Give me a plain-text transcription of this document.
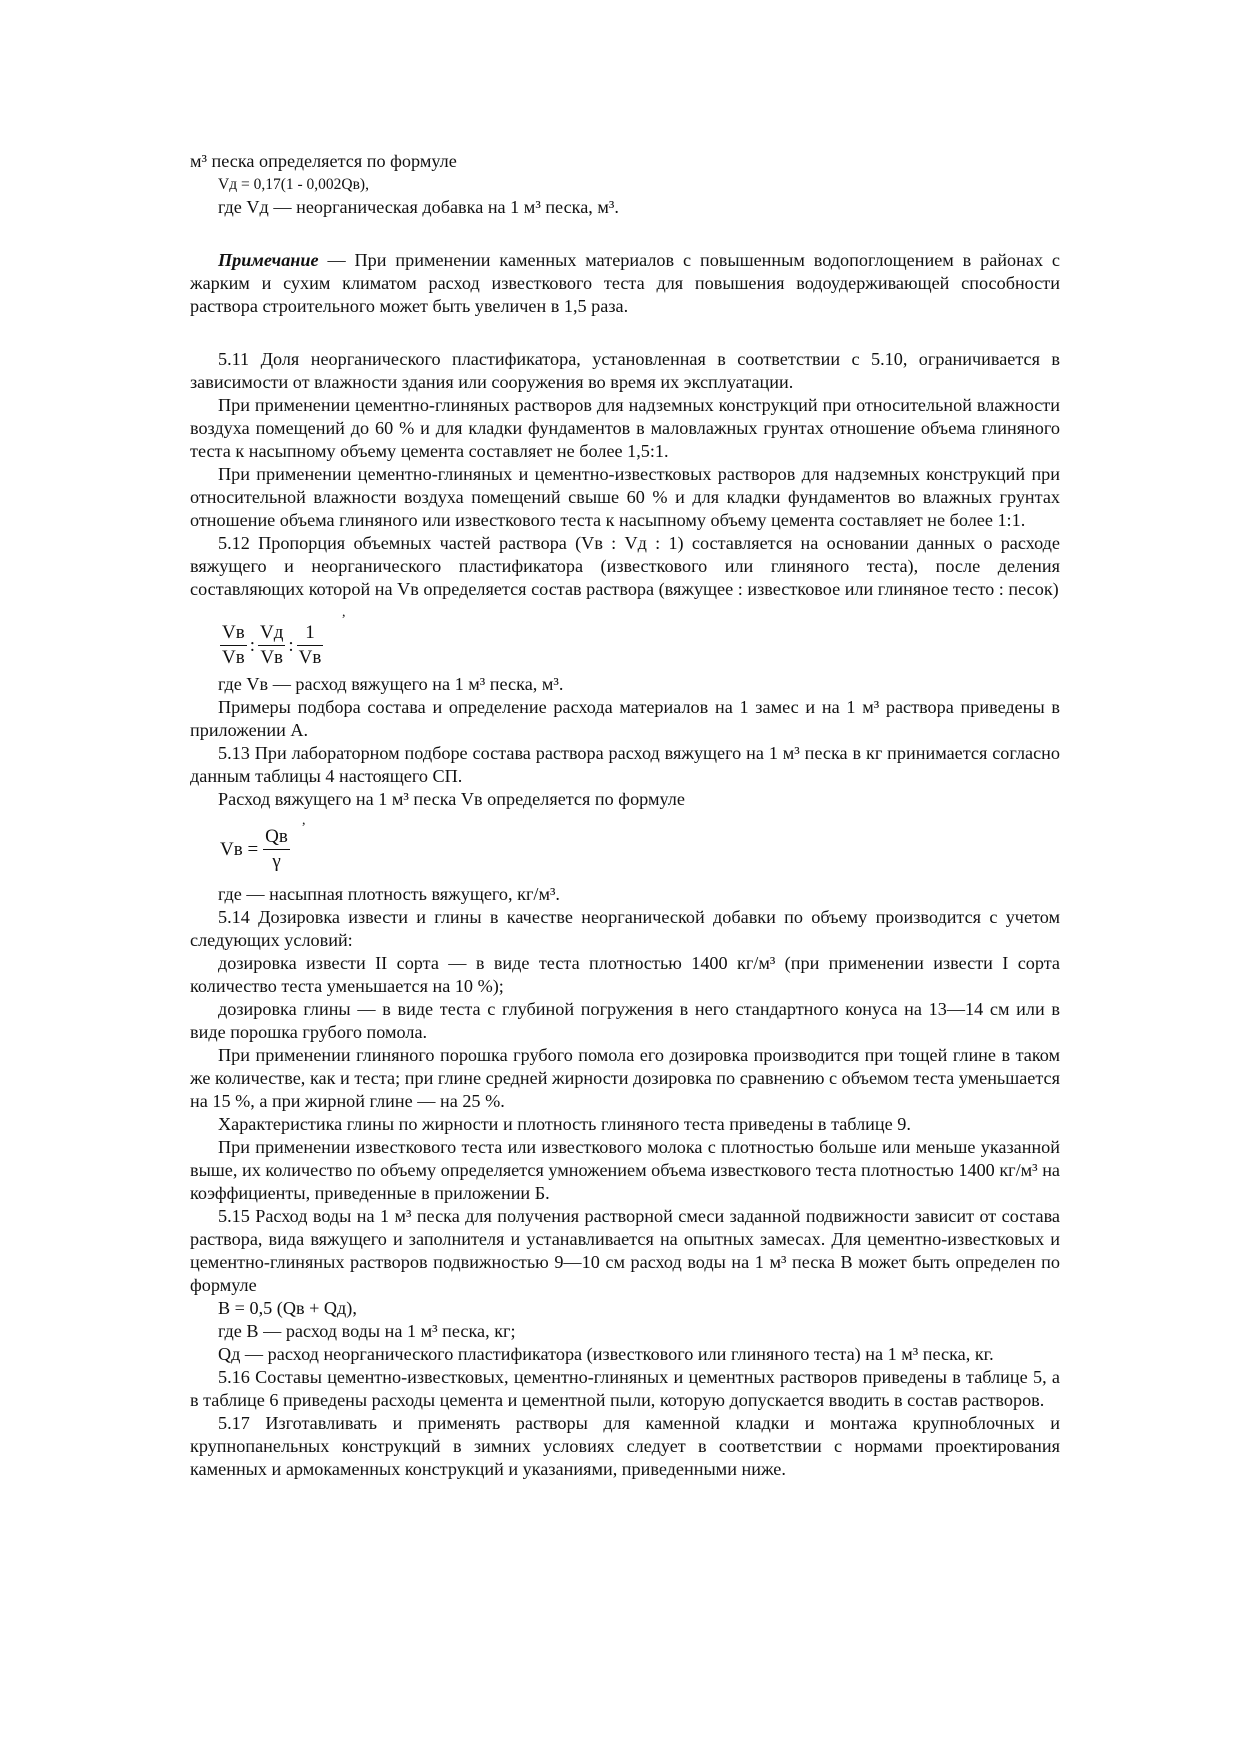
м³ песка определяется по формуле

Vд = 0,17(1 - 0,002Qв),

где Vд — неорганическая добавка на 1 м³ песка, м³.

Примечание — При применении каменных материалов с повышенным водопоглощением в районах с жарким и сухим климатом расход известкового теста для повышения водоудерживающей способности раствора строительного может быть увеличен в 1,5 раза.

5.11 Доля неорганического пластификатора, установленная в соответствии с 5.10, ограничивается в зависимости от влажности здания или сооружения во время их эксплуатации.

При применении цементно-глиняных растворов для надземных конструкций при относительной влажности воздуха помещений до 60 % и для кладки фундаментов в маловлажных грунтах отношение объема глиняного теста к насыпному объему цемента составляет не более 1,5:1.

При применении цементно-глиняных и цементно-известковых растворов для надземных конструкций при относительной влажности воздуха помещений свыше 60 % и для кладки фундаментов во влажных грунтах отношение объема глиняного или известкового теста к насыпному объему цемента составляет не более 1:1.

5.12 Пропорция объемных частей раствора (Vв : Vд : 1) составляется на основании данных о расходе вяжущего и неорганического пластификатора (известкового или глиняного теста), после деления составляющих которой на Vв определяется состав раствора (вяжущее : известковое или глиняное тесто : песок)

,
$\frac{Vв}{Vв}$ : $\frac{Vд}{Vв}$ : $\frac{1}{Vв}$

где Vв — расход вяжущего на 1 м³ песка, м³.

Примеры подбора состава и определение расхода материалов на 1 замес и на 1 м³ раствора приведены в приложении А.

5.13 При лабораторном подборе состава раствора расход вяжущего на 1 м³ песка в кг принимается согласно данным таблицы 4 настоящего СП.

Расход вяжущего на 1 м³ песка Vв определяется по формуле

,
Vв = $\frac{Qв}{\gamma}$

где — насыпная плотность вяжущего, кг/м³.

5.14 Дозировка извести и глины в качестве неорганической добавки по объему производится с учетом следующих условий:

дозировка извести II сорта — в виде теста плотностью 1400 кг/м³ (при применении извести I сорта количество теста уменьшается на 10 %);

дозировка глины — в виде теста с глубиной погружения в него стандартного конуса на 13—14 см или в виде порошка грубого помола.

При применении глиняного порошка грубого помола его дозировка производится при тощей глине в таком же количестве, как и теста; при глине средней жирности дозировка по сравнению с объемом теста уменьшается на 15 %, а при жирной глине — на 25 %.

Характеристика глины по жирности и плотность глиняного теста приведены в таблице 9.

При применении известкового теста или известкового молока с плотностью больше или меньше указанной выше, их количество по объему определяется умножением объема известкового теста плотностью 1400 кг/м³ на коэффициенты, приведенные в приложении Б.

5.15 Расход воды на 1 м³ песка для получения растворной смеси заданной подвижности зависит от состава раствора, вида вяжущего и заполнителя и устанавливается на опытных замесах. Для цементно-известковых и цементно-глиняных растворов подвижностью 9—10 см расход воды на 1 м³ песка B может быть определен по формуле

B = 0,5 (Qв + Qд),

где B — расход воды на 1 м³ песка, кг;

Qд — расход неорганического пластификатора (известкового или глиняного теста) на 1 м³ песка, кг.

5.16 Составы цементно-известковых, цементно-глиняных и цементных растворов приведены в таблице 5, а в таблице 6 приведены расходы цемента и цементной пыли, которую допускается вводить в состав растворов.

5.17 Изготавливать и применять растворы для каменной кладки и монтажа крупноблочных и крупнопанельных конструкций в зимних условиях следует в соответствии с нормами проектирования каменных и армокаменных конструкций и указаниями, приведенными ниже.
